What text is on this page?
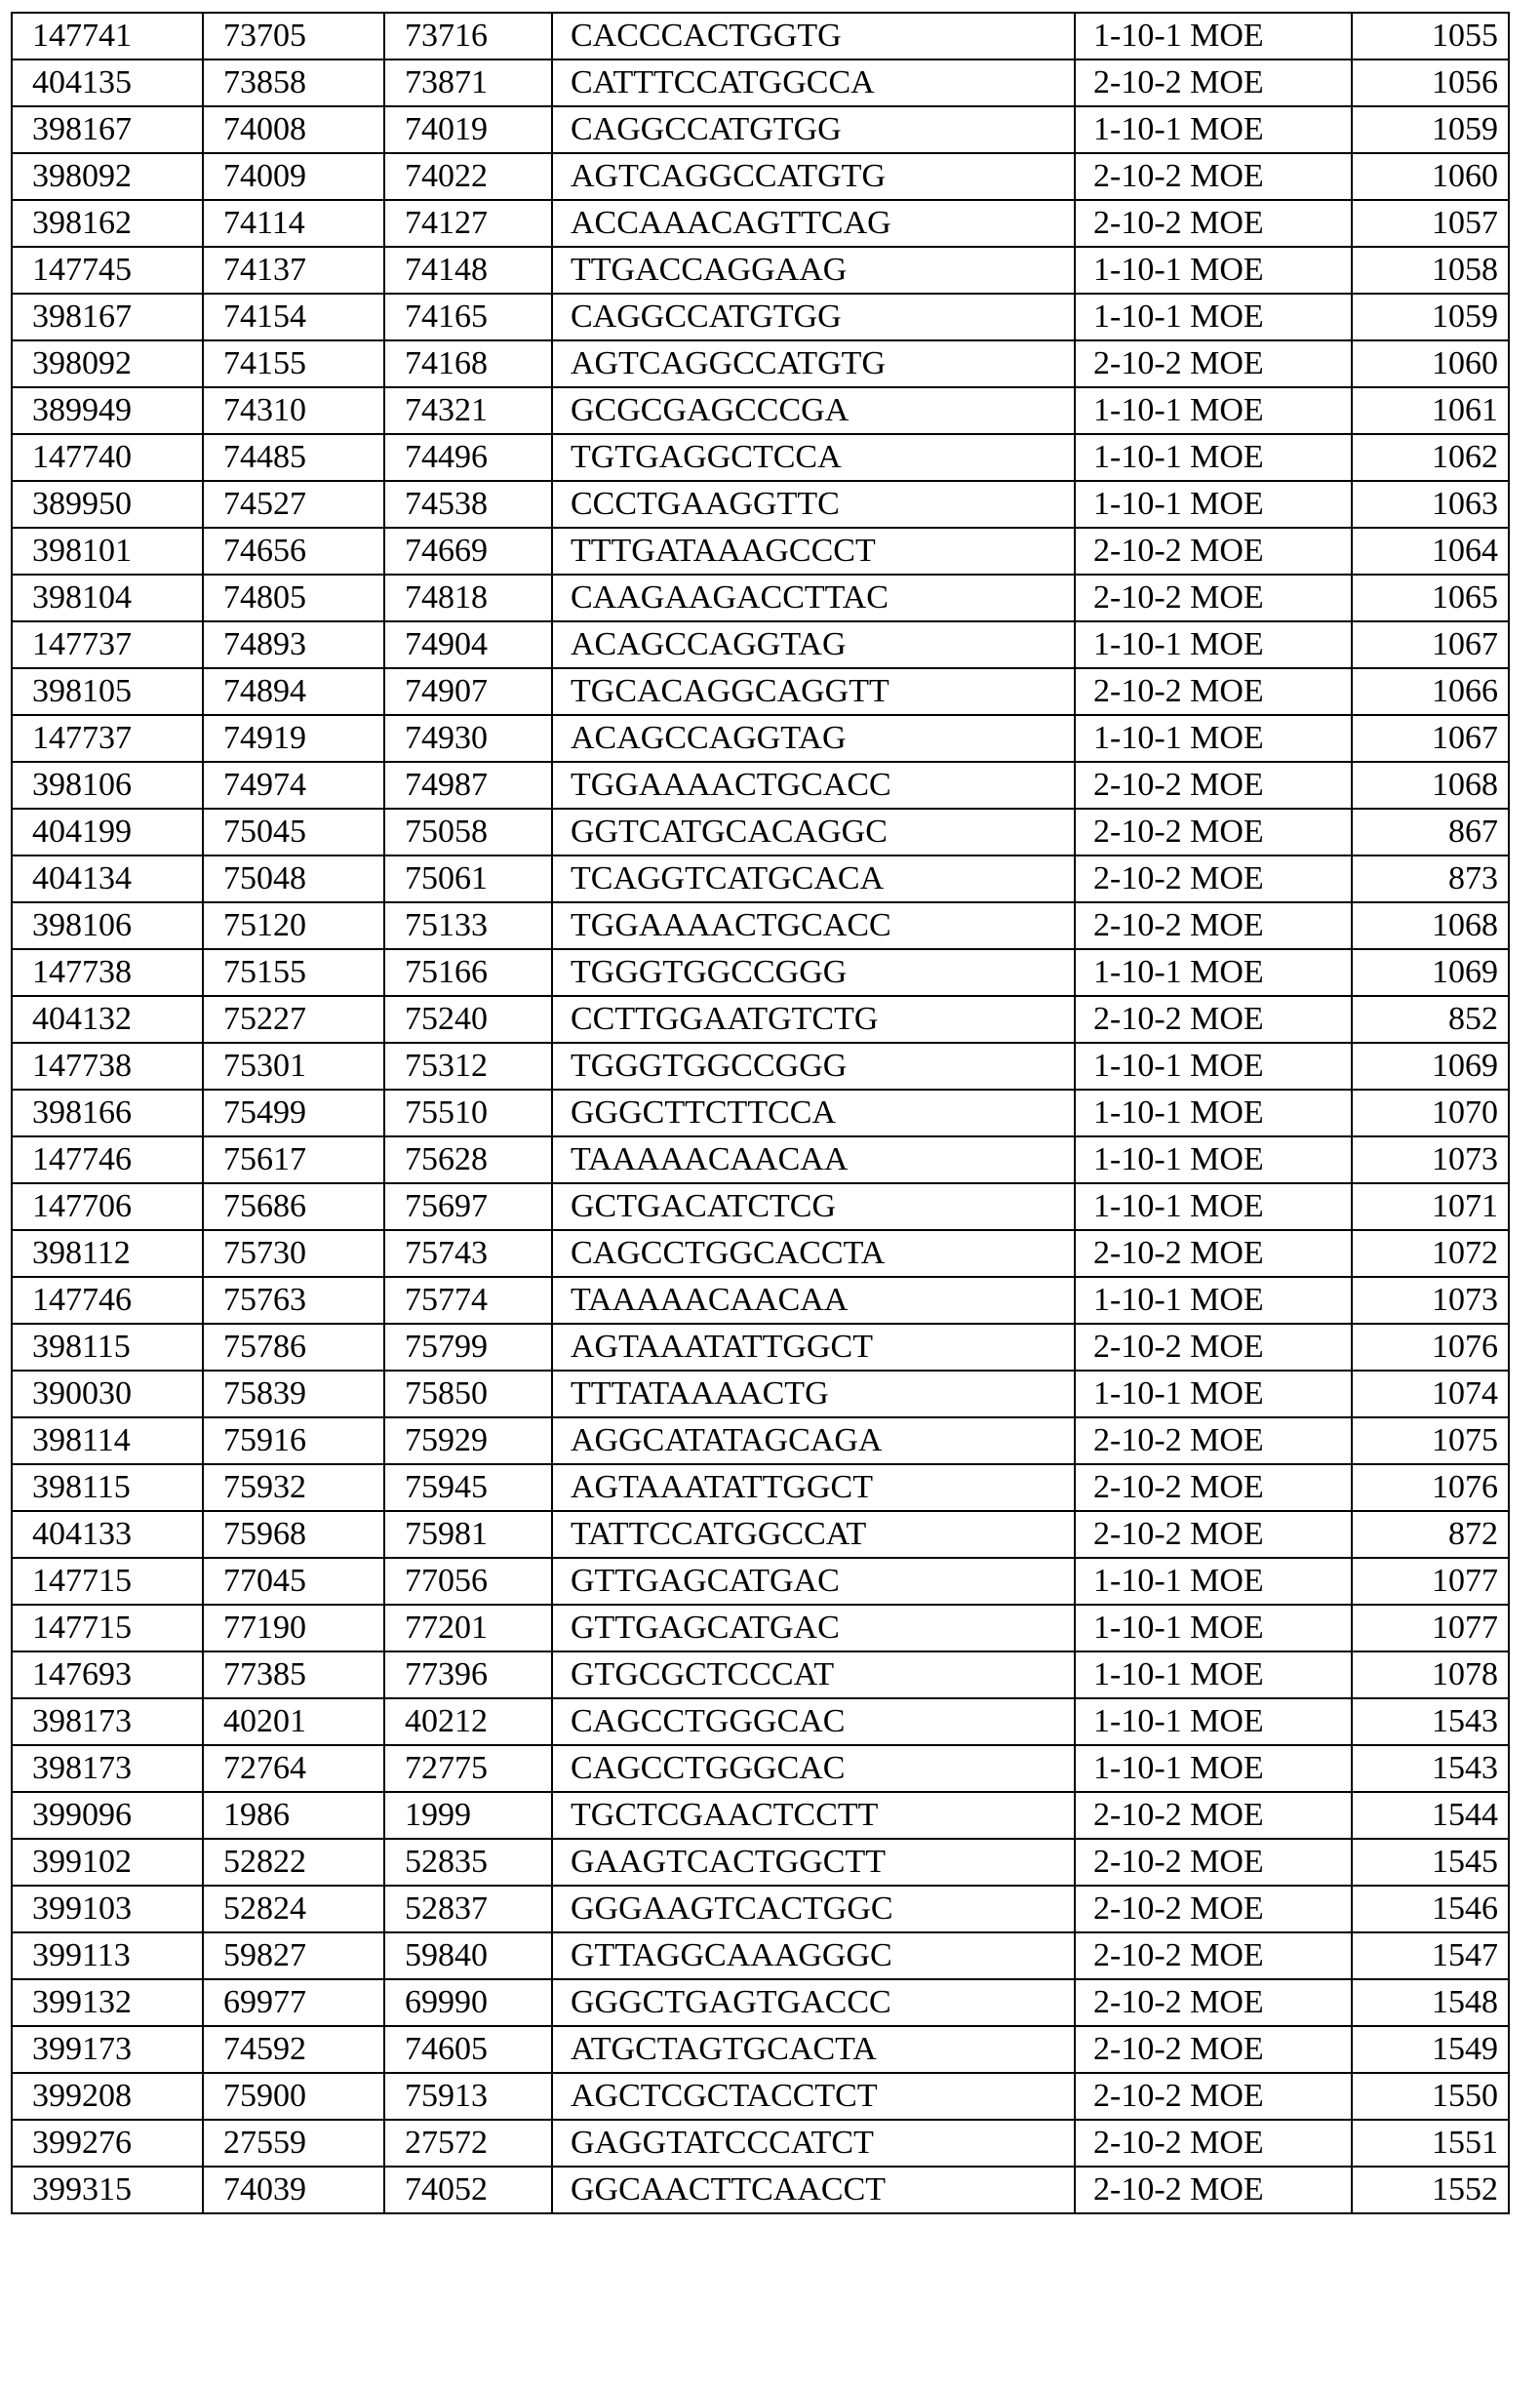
147741	73705	73716	CACCCACTGGTG	1-10-1 MOE	1055
404135	73858	73871	CATTTCCATGGCCA	2-10-2 MOE	1056
398167	74008	74019	CAGGCCATGTGG	1-10-1 MOE	1059
398092	74009	74022	AGTCAGGCCATGTG	2-10-2 MOE	1060
398162	74114	74127	ACCAAACAGTTCAG	2-10-2 MOE	1057
147745	74137	74148	TTGACCAGGAAG	1-10-1 MOE	1058
398167	74154	74165	CAGGCCATGTGG	1-10-1 MOE	1059
398092	74155	74168	AGTCAGGCCATGTG	2-10-2 MOE	1060
389949	74310	74321	GCGCGAGCCCGA	1-10-1 MOE	1061
147740	74485	74496	TGTGAGGCTCCA	1-10-1 MOE	1062
389950	74527	74538	CCCTGAAGGTTC	1-10-1 MOE	1063
398101	74656	74669	TTTGATAAAGCCCT	2-10-2 MOE	1064
398104	74805	74818	CAAGAAGACCTTAC	2-10-2 MOE	1065
147737	74893	74904	ACAGCCAGGTAG	1-10-1 MOE	1067
398105	74894	74907	TGCACAGGCAGGTT	2-10-2 MOE	1066
147737	74919	74930	ACAGCCAGGTAG	1-10-1 MOE	1067
398106	74974	74987	TGGAAAACTGCACC	2-10-2 MOE	1068
404199	75045	75058	GGTCATGCACAGGC	2-10-2 MOE	867
404134	75048	75061	TCAGGTCATGCACA	2-10-2 MOE	873
398106	75120	75133	TGGAAAACTGCACC	2-10-2 MOE	1068
147738	75155	75166	TGGGTGGCCGGG	1-10-1 MOE	1069
404132	75227	75240	CCTTGGAATGTCTG	2-10-2 MOE	852
147738	75301	75312	TGGGTGGCCGGG	1-10-1 MOE	1069
398166	75499	75510	GGGCTTCTTCCA	1-10-1 MOE	1070
147746	75617	75628	TAAAAACAACAA	1-10-1 MOE	1073
147706	75686	75697	GCTGACATCTCG	1-10-1 MOE	1071
398112	75730	75743	CAGCCTGGCACCTA	2-10-2 MOE	1072
147746	75763	75774	TAAAAACAACAA	1-10-1 MOE	1073
398115	75786	75799	AGTAAATATTGGCT	2-10-2 MOE	1076
390030	75839	75850	TTTATAAAACTG	1-10-1 MOE	1074
398114	75916	75929	AGGCATATAGCAGA	2-10-2 MOE	1075
398115	75932	75945	AGTAAATATTGGCT	2-10-2 MOE	1076
404133	75968	75981	TATTCCATGGCCAT	2-10-2 MOE	872
147715	77045	77056	GTTGAGCATGAC	1-10-1 MOE	1077
147715	77190	77201	GTTGAGCATGAC	1-10-1 MOE	1077
147693	77385	77396	GTGCGCTCCCAT	1-10-1 MOE	1078
398173	40201	40212	CAGCCTGGGCAC	1-10-1 MOE	1543
398173	72764	72775	CAGCCTGGGCAC	1-10-1 MOE	1543
399096	1986	1999	TGCTCGAACTCCTT	2-10-2 MOE	1544
399102	52822	52835	GAAGTCACTGGCTT	2-10-2 MOE	1545
399103	52824	52837	GGGAAGTCACTGGC	2-10-2 MOE	1546
399113	59827	59840	GTTAGGCAAAGGGC	2-10-2 MOE	1547
399132	69977	69990	GGGCTGAGTGACCC	2-10-2 MOE	1548
399173	74592	74605	ATGCTAGTGCACTA	2-10-2 MOE	1549
399208	75900	75913	AGCTCGCTACCTCT	2-10-2 MOE	1550
399276	27559	27572	GAGGTATCCCATCT	2-10-2 MOE	1551
399315	74039	74052	GGCAACTTCAACCT	2-10-2 MOE	1552
